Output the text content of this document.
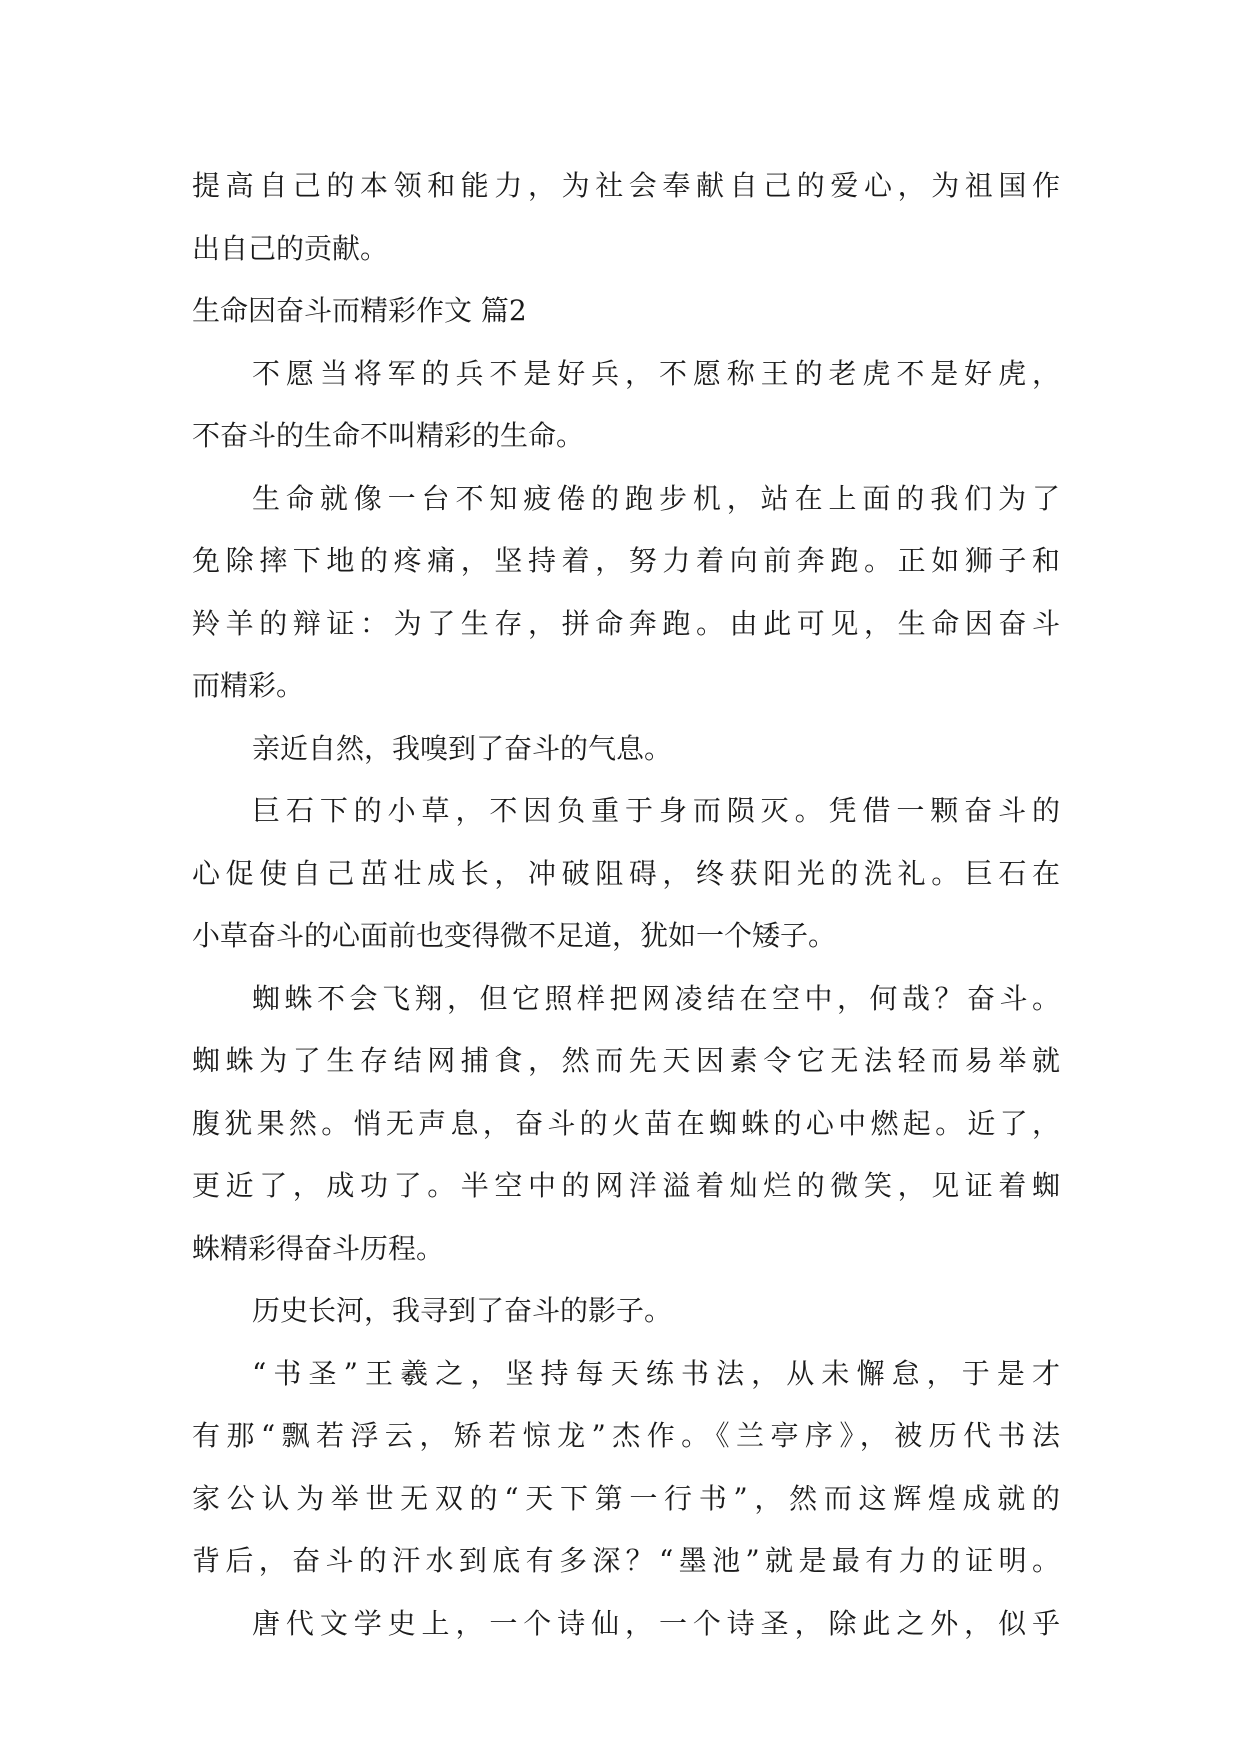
提高自己的本领和能力，为社会奉献自己的爱心，为祖国作
出自己的贡献。
生命因奋斗而精彩作文 篇2
不愿当将军的兵不是好兵，不愿称王的老虎不是好虎，
不奋斗的生命不叫精彩的生命。
生命就像一台不知疲倦的跑步机，站在上面的我们为了
免除摔下地的疼痛，坚持着，努力着向前奔跑。正如狮子和
羚羊的辩证：为了生存，拼命奔跑。由此可见，生命因奋斗
而精彩。
亲近自然，我嗅到了奋斗的气息。
巨石下的小草，不因负重于身而陨灭。凭借一颗奋斗的
心促使自己茁壮成长，冲破阻碍，终获阳光的洗礼。巨石在
小草奋斗的心面前也变得微不足道，犹如一个矮子。
蜘蛛不会飞翔，但它照样把网凌结在空中，何哉？奋斗。
蜘蛛为了生存结网捕食，然而先天因素令它无法轻而易举就
腹犹果然。悄无声息，奋斗的火苗在蜘蛛的心中燃起。近了，
更近了，成功了。半空中的网洋溢着灿烂的微笑，见证着蜘
蛛精彩得奋斗历程。
历史长河，我寻到了奋斗的影子。
“书圣”王羲之，坚持每天练书法，从未懈怠，于是才
有那“飘若浮云，矫若惊龙”杰作。《兰亭序》，被历代书法
家公认为举世无双的“天下第一行书”，然而这辉煌成就的
背后，奋斗的汗水到底有多深？“墨池”就是最有力的证明。
唐代文学史上，一个诗仙，一个诗圣，除此之外，似乎
